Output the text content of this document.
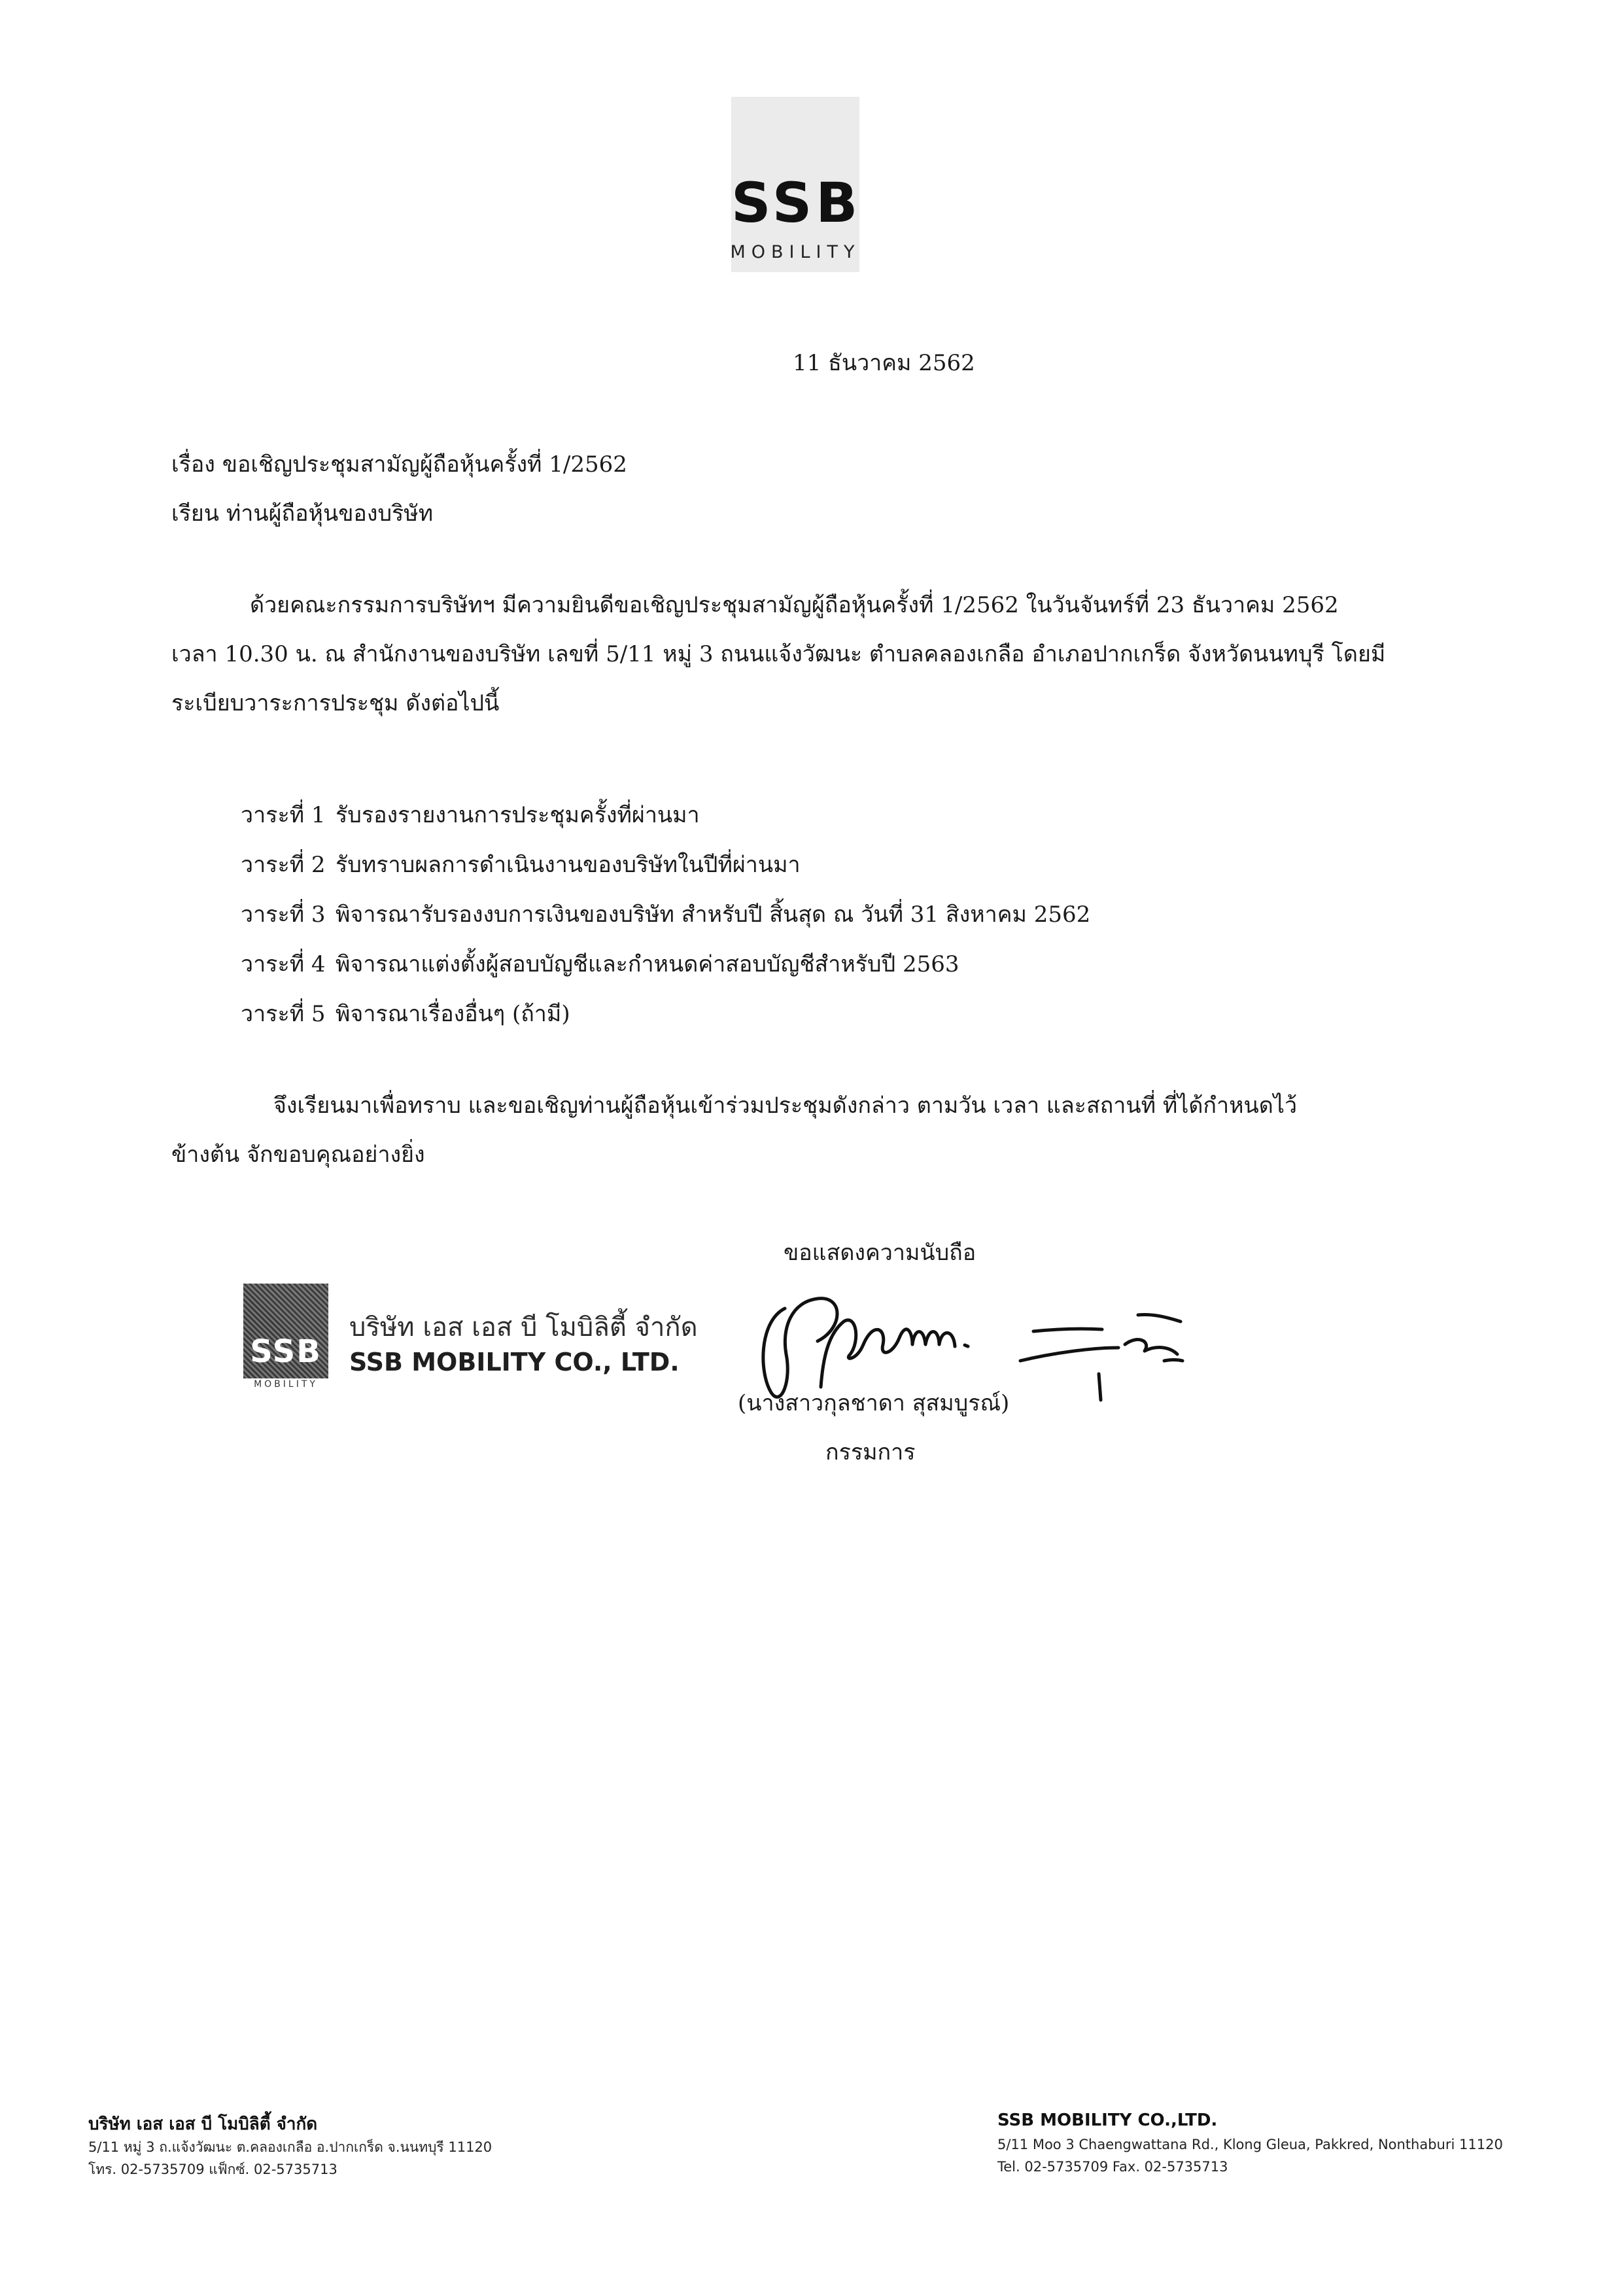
SSB
MOBILITY
11 ธันวาคม 2562
เรื่อง ขอเชิญประชุมสามัญผู้ถือหุ้นครั้งที่ 1/2562
เรียน ท่านผู้ถือหุ้นของบริษัท
ด้วยคณะกรรมการบริษัทฯ มีความยินดีขอเชิญประชุมสามัญผู้ถือหุ้นครั้งที่ 1/2562 ในวันจันทร์ที่ 23 ธันวาคม 2562
เวลา 10.30 น. ณ สำนักงานของบริษัท เลขที่ 5/11 หมู่ 3 ถนนแจ้งวัฒนะ ตำบลคลองเกลือ อำเภอปากเกร็ด จังหวัดนนทบุรี โดยมี
ระเบียบวาระการประชุม ดังต่อไปนี้
วาระที่ 1 รับรองรายงานการประชุมครั้งที่ผ่านมา
วาระที่ 2 รับทราบผลการดำเนินงานของบริษัทในปีที่ผ่านมา
วาระที่ 3 พิจารณารับรองงบการเงินของบริษัท สำหรับปี สิ้นสุด ณ วันที่ 31 สิงหาคม 2562
วาระที่ 4 พิจารณาแต่งตั้งผู้สอบบัญชีและกำหนดค่าสอบบัญชีสำหรับปี 2563
วาระที่ 5 พิจารณาเรื่องอื่นๆ (ถ้ามี)
จึงเรียนมาเพื่อทราบ และขอเชิญท่านผู้ถือหุ้นเข้าร่วมประชุมดังกล่าว ตามวัน เวลา และสถานที่ ที่ได้กำหนดไว้
ข้างต้น จักขอบคุณอย่างยิ่ง
ขอแสดงความนับถือ
SSB
MOBILITY
บริษัท เอส เอส บี โมบิลิตี้ จำกัด
SSB MOBILITY CO., LTD.
(นางสาวกุลชาดา สุสมบูรณ์)
กรรมการ
บริษัท เอส เอส บี โมบิลิตี้ จำกัด
5/11 หมู่ 3 ถ.แจ้งวัฒนะ ต.คลองเกลือ อ.ปากเกร็ด จ.นนทบุรี 11120
โทร. 02-5735709 แฟ็กซ์. 02-5735713
SSB MOBILITY CO.,LTD.
5/11 Moo 3 Chaengwattana Rd., Klong Gleua, Pakkred, Nonthaburi 11120
Tel. 02-5735709 Fax. 02-5735713
